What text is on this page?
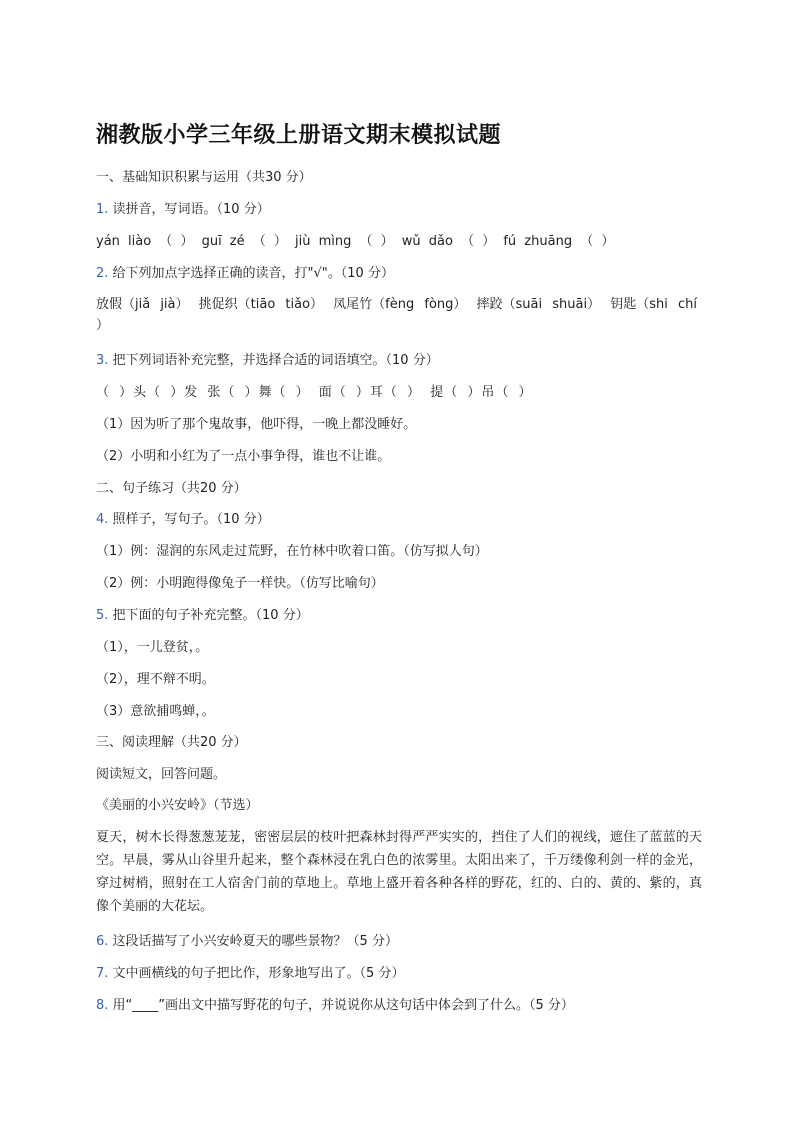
湘教版小学三年级上册语文期末模拟试题
一、基础知识积累与运用（共30 分）
1. 读拼音，写词语。（10 分）
yán liào （ ） guī zé （ ） jiù mìng （ ） wǔ dǎo （ ） fú zhuāng （ ）
2. 给下列加点字选择正确的读音，打"√"。（10 分）
放假（jiǎ jià） 挑促织（tiāo tiǎo） 凤尾竹（fèng fòng） 摔跤（suāi shuāi） 钥匙（shi chí ）
3. 把下列词语补充完整，并选择合适的词语填空。（10 分）
（ ）头（ ）发 张（ ）舞（ ） 面（ ）耳（ ） 提（ ）吊（ ）
（1）因为听了那个鬼故事，他吓得，一晚上都没睡好。
（2）小明和小红为了一点小事争得，谁也不让谁。
二、句子练习（共20 分）
4. 照样子，写句子。（10 分）
（1）例：湿润的东风走过荒野，在竹林中吹着口笛。（仿写拟人句）
（2）例：小明跑得像兔子一样快。（仿写比喻句）
5. 把下面的句子补充完整。（10 分）
（1），一儿登贫，。
（2），理不辩不明。
（3）意欲捕鸣蝉，。
三、阅读理解（共20 分）
阅读短文，回答问题。
《美丽的小兴安岭》（节选）
夏天，树木长得葱葱茏茏，密密层层的枝叶把森林封得严严实实的，挡住了人们的视线，遮住了蓝蓝的天空。早晨，雾从山谷里升起来，整个森林浸在乳白色的浓雾里。太阳出来了，千万缕像利剑一样的金光，穿过树梢，照射在工人宿舍门前的草地上。草地上盛开着各种各样的野花，红的、白的、黄的、紫的，真像个美丽的大花坛。
6. 这段话描写了小兴安岭夏天的哪些景物？（5 分）
7. 文中画横线的句子把比作，形象地写出了。（5 分）
8. 用“____”画出文中描写野花的句子，并说说你从这句话中体会到了什么。（5 分）
